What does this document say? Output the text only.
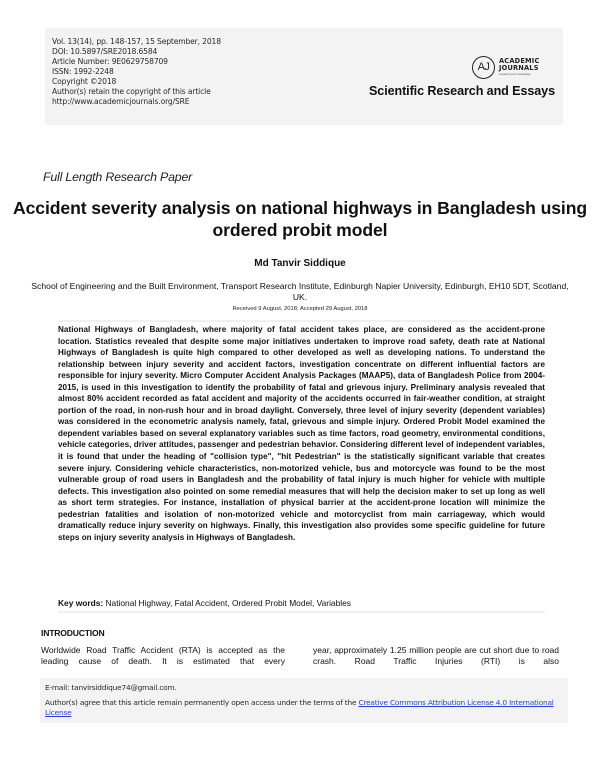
Vol. 13(14), pp. 148-157, 15 September, 2018
DOI: 10.5897/SRE2018.6584
Article Number: 9E0629758709
ISSN: 1992-2248
Copyright ©2018
Author(s) retain the copyright of this article
http://www.academicjournals.org/SRE
AJ	ACADEMIC
JOURNALS
expand your knowledge
Scientific Research and Essays
Full Length Research Paper
Accident severity analysis on national highways in Bangladesh using ordered probit model
Md Tanvir Siddique
School of Engineering and the Built Environment, Transport Research Institute, Edinburgh Napier University, Edinburgh, EH10 5DT, Scotland, UK.
Received 9 August, 2018; Accepted 29 August, 2018

National Highways of Bangladesh, where majority of fatal accident takes place, are considered as the accident-prone location. Statistics revealed that despite some major initiatives undertaken to improve road safety, death rate at National Highways of Bangladesh is quite high compared to other developed as well as developing nations. To understand the relationship between injury severity and accident factors, investigation concentrate on different influential factors are responsible for injury severity. Micro Computer Accident Analysis Packages (MAAP5), data of Bangladesh Police from 2004-2015, is used in this investigation to identify the probability of fatal and grievous injury. Preliminary analysis revealed that almost 80% accident recorded as fatal accident and majority of the accidents occurred in fair-weather condition, at straight portion of the road, in non-rush hour and in broad daylight. Conversely, three level of injury severity (dependent variables) was considered in the econometric analysis namely, fatal, grievous and simple injury. Ordered Probit Model examined the dependent variables based on several explanatory variables such as time factors, road geometry, environmental conditions, vehicle categories, driver attitudes, passenger and pedestrian behavior. Considering different level of independent variables, it is found that under the heading of "collision type", "hit Pedestrian" is the statistically significant variable that creates severe injury. Considering vehicle characteristics, non-motorized vehicle, bus and motorcycle was found to be the most vulnerable group of road users in Bangladesh and the probability of fatal injury is much higher for vehicle with multiple defects. This investigation also pointed on some remedial measures that will help the decision maker to set up long as well as short term strategies. For instance, installation of physical barrier at the accident-prone location will minimize the pedestrian fatalities and isolation of non-motorized vehicle and motorcyclist from main carriageway, which would dramatically reduce injury severity on highways. Finally, this investigation also provides some specific guideline for future steps on injury severity analysis in Highways of Bangladesh.

Key words: National Highway, Fatal Accident, Ordered Probit Model, Variables
INTRODUCTION
Worldwide Road Traffic Accident (RTA) is accepted as the leading cause of death. It is estimated that every
year, approximately 1.25 million people are cut short due to road crash. Road Traffic Injuries (RTI) is also
E-mail: tanvirsiddique74@gmail.com.
Author(s) agree that this article remain permanently open access under the terms of the Creative Commons Attribution License 4.0 International License
